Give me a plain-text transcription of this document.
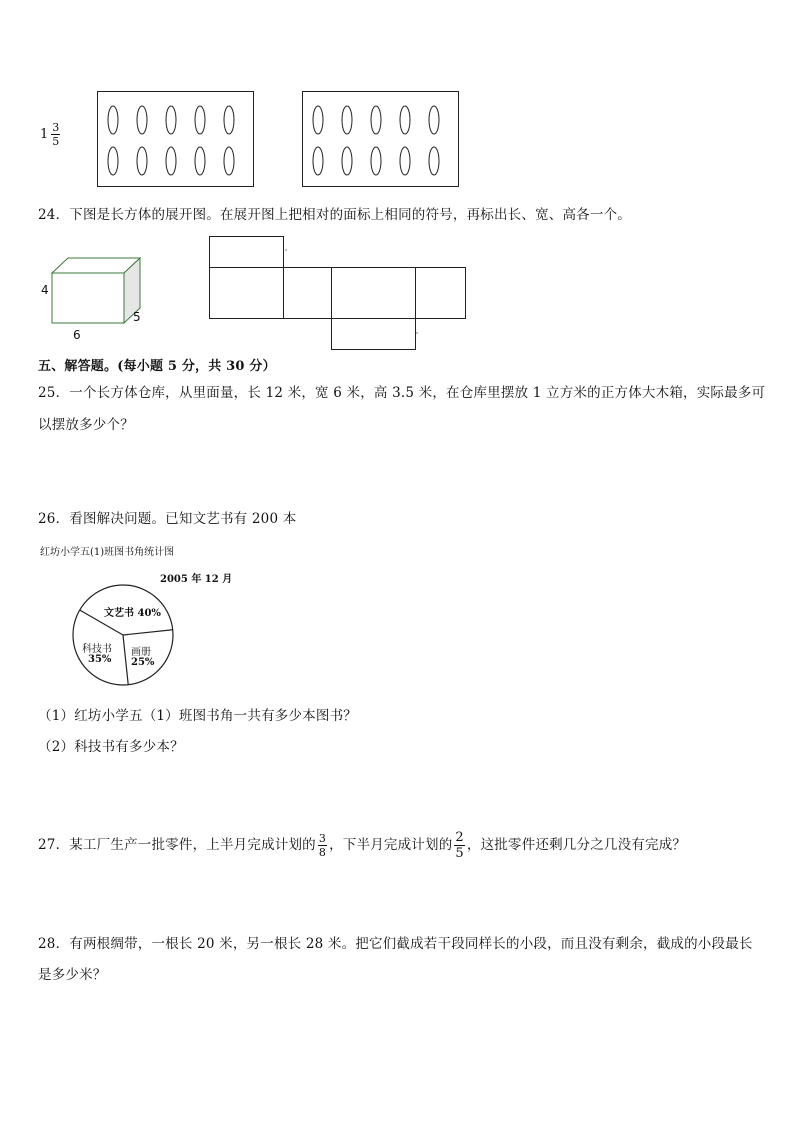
$1 \frac{3}{5}$
24．下图是长方体的展开图。在展开图上把相对的面标上相同的符号，再标出长、宽、高各一个。
4
6
5
五、解答题。(每小题 5 分，共 30 分）
25．一个长方体仓库，从里面量，长 12 米，宽 6 米，高 3.5 米，在仓库里摆放 1 立方米的正方体大木箱，实际最多可
以摆放多少个？
26．看图解决问题。已知文艺书有 200 本
红坊小学五(1)班图书角统计图
2005 年 12 月
文艺书 40%
科技书
35%
画册
25%
（1）红坊小学五（1）班图书角一共有多少本图书？
（2）科技书有多少本？
27．某工厂生产一批零件，上半月完成计划的 $\frac{3}{8}$ ，下半月完成计划的 $\frac{2}{5}$ ，这批零件还剩几分之几没有完成？
28．有两根绸带，一根长 20 米，另一根长 28 米。把它们截成若干段同样长的小段，而且没有剩余，截成的小段最长
是多少米？
